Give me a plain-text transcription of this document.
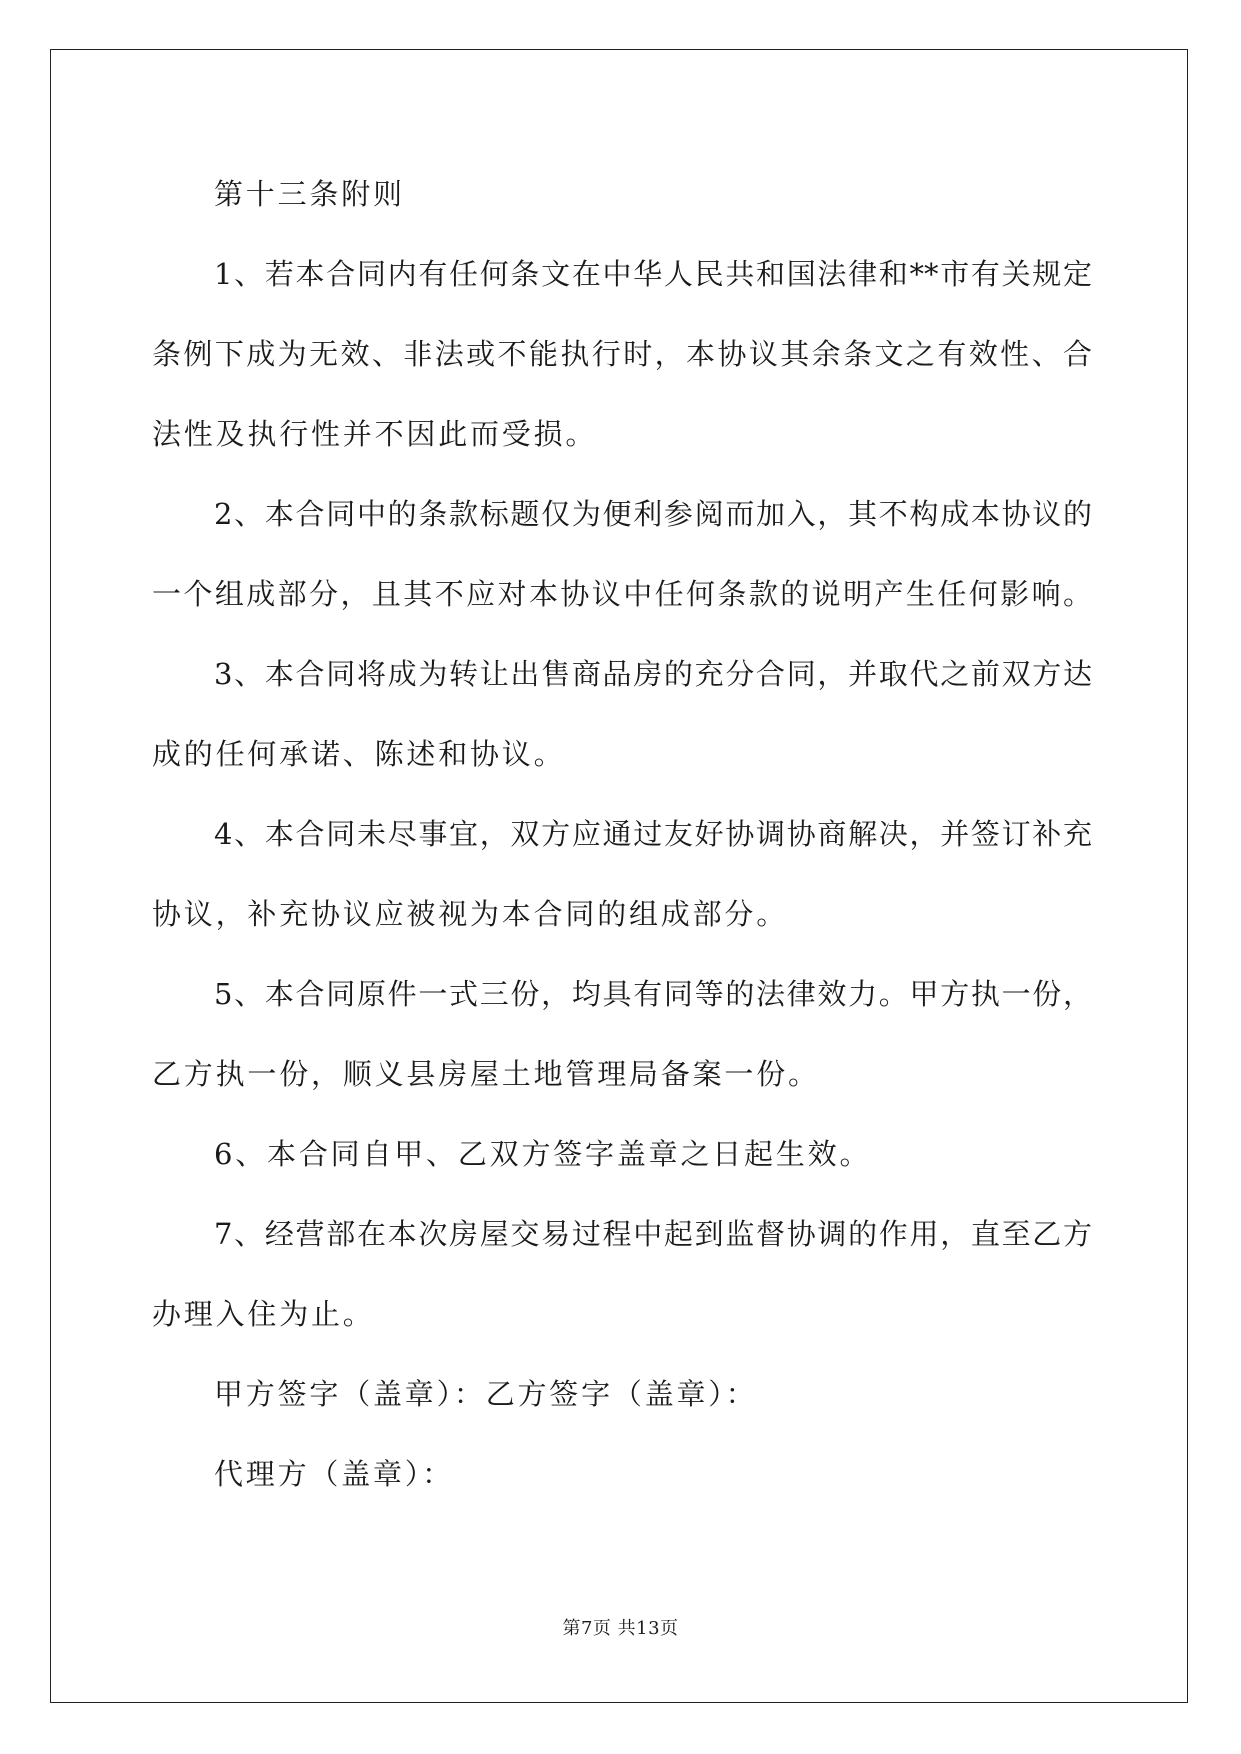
第十三条附则
1、若本合同内有任何条文在中华人民共和国法律和**市有关规定
条例下成为无效、非法或不能执行时，本协议其余条文之有效性、合
法性及执行性并不因此而受损。
2、本合同中的条款标题仅为便利参阅而加入，其不构成本协议的
一个组成部分，且其不应对本协议中任何条款的说明产生任何影响。
3、本合同将成为转让出售商品房的充分合同，并取代之前双方达
成的任何承诺、陈述和协议。
4、本合同未尽事宜，双方应通过友好协调协商解决，并签订补充
协议，补充协议应被视为本合同的组成部分。
5、本合同原件一式三份，均具有同等的法律效力。甲方执一份，
乙方执一份，顺义县房屋土地管理局备案一份。
6、本合同自甲、乙双方签字盖章之日起生效。
7、经营部在本次房屋交易过程中起到监督协调的作用，直至乙方
办理入住为止。
甲方签字（盖章）：乙方签字（盖章）：
代理方（盖章）：
第7页 共13页
